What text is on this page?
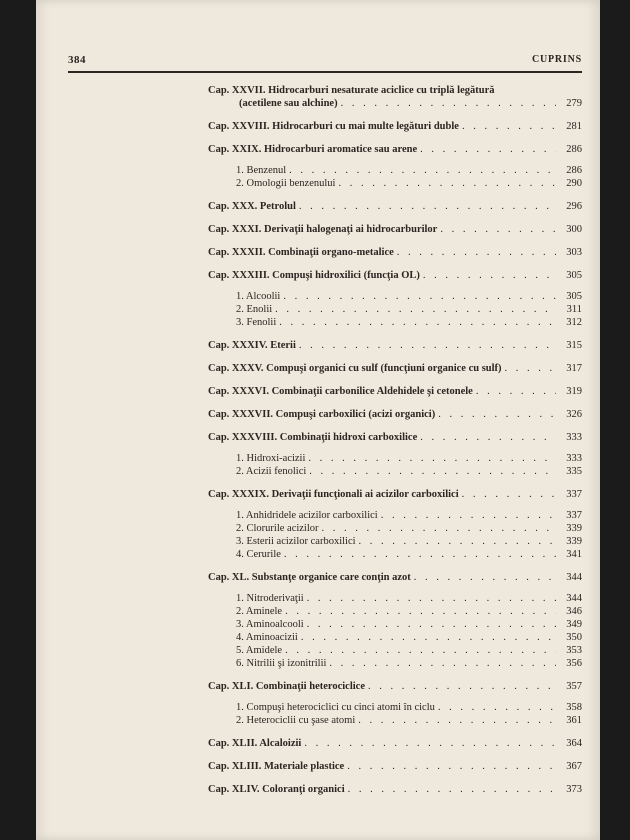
384	CUPRINS
Cap. XXVII. Hidrocarburi nesaturate aciclice cu triplă legătură
(acetilene sau alchine) . . .	279
Cap. XXVIII. Hidrocarburi cu mai multe legături duble . . .	281
Cap. XXIX. Hidrocarburi aromatice sau arene . . .	286
1. Benzenul . . .	286
2. Omologii benzenului . . .	290
Cap. XXX. Petrolul . . .	296
Cap. XXXI. Derivaţii halogenaţi ai hidrocarburilor . . .	300
Cap. XXXII. Combinaţii organo-metalice . . .	303
Cap. XXXIII. Compuşi hidroxilici (funcţia OL) . . .	305
1. Alcoolii . . .	305
2. Enolii . . .	311
3. Fenolii . . .	312
Cap. XXXIV. Eterii . . .	315
Cap. XXXV. Compuşi organici cu sulf (funcţiuni organice cu sulf) . . .	317
Cap. XXXVI. Combinaţii carbonilice Aldehidele şi cetonele . . .	319
Cap. XXXVII. Compuşi carboxilici (acizi organici) . . .	326
Cap. XXXVIII. Combinaţii hidroxi carboxilice . . .	333
1. Hidroxi-acizii . . .	333
2. Acizii fenolici . . .	335
Cap. XXXIX. Derivaţii funcţionali ai acizilor carboxilici . . .	337
1. Anhidridele acizilor carboxilici . . .	337
2. Clorurile acizilor . . .	339
3. Esterii acizilor carboxilici . . .	339
4. Cerurile . . .	341
Cap. XL. Substanţe organice care conţin azot . . .	344
1. Nitroderivaţii . . .	344
2. Aminele . . .	346
3. Aminoalcooli . . .	349
4. Aminoacizii . . .	350
5. Amidele . . .	353
6. Nitrilii şi izonitrilii . . .	356
Cap. XLI. Combinaţii heterociclice . . .	357
1. Compuşi heterociclici cu cinci atomi în ciclu . . .	358
2. Heterociclii cu şase atomi . . .	361
Cap. XLII. Alcaloizii . . .	364
Cap. XLIII. Materiale plastice . . .	367
Cap. XLIV. Coloranţi organici . . .	373
